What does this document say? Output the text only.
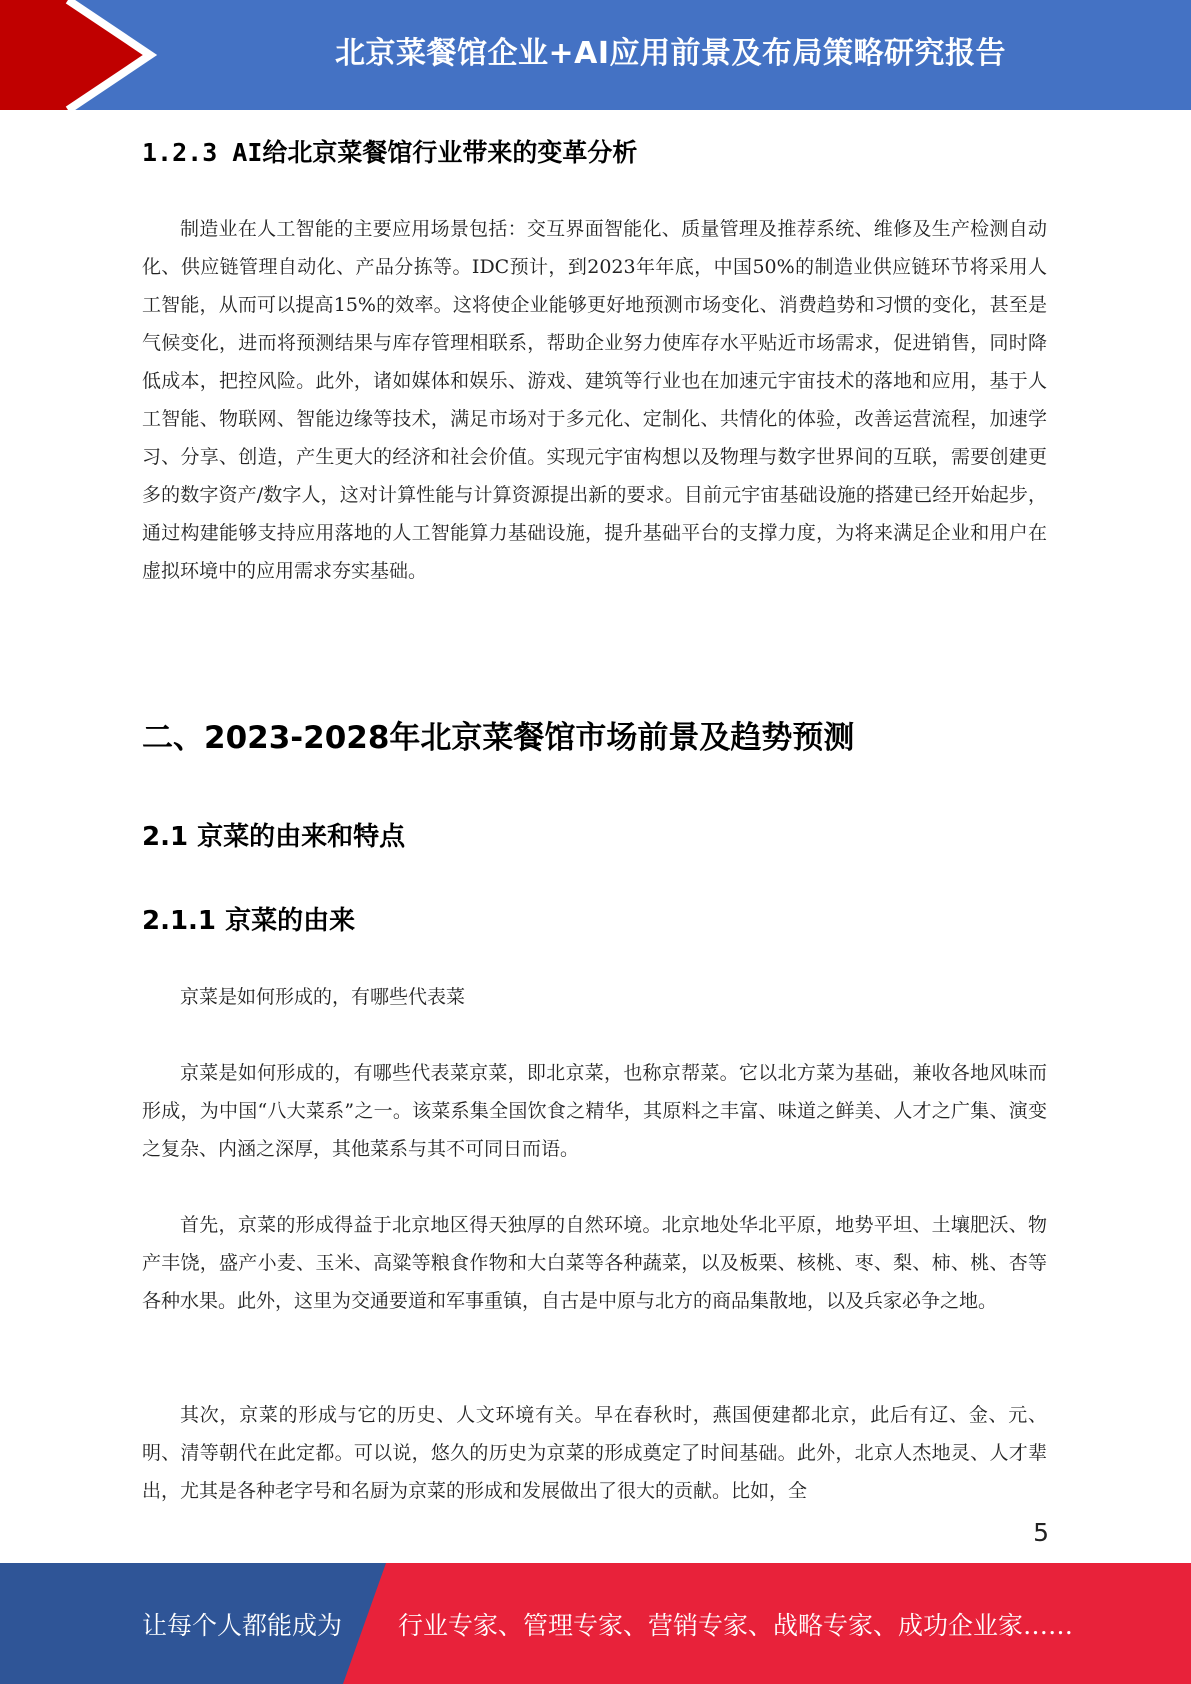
北京菜餐馆企业+AI应用前景及布局策略研究报告
1.2.3 AI给北京菜餐馆行业带来的变革分析

制造业在人工智能的主要应用场景包括：交互界面智能化、质量管理及推荐系统、维修及生产检测自动化、供应链管理自动化、产品分拣等。IDC预计，到2023年年底，中国50%的制造业供应链环节将采用人工智能，从而可以提高15%的效率。这将使企业能够更好地预测市场变化、消费趋势和习惯的变化，甚至是气候变化，进而将预测结果与库存管理相联系，帮助企业努力使库存水平贴近市场需求，促进销售，同时降低成本，把控风险。此外，诸如媒体和娱乐、游戏、建筑等行业也在加速元宇宙技术的落地和应用，基于人工智能、物联网、智能边缘等技术，满足市场对于多元化、定制化、共情化的体验，改善运营流程，加速学习、分享、创造，产生更大的经济和社会价值。实现元宇宙构想以及物理与数字世界间的互联，需要创建更多的数字资产/数字人，这对计算性能与计算资源提出新的要求。目前元宇宙基础设施的搭建已经开始起步，通过构建能够支持应用落地的人工智能算力基础设施，提升基础平台的支撑力度，为将来满足企业和用户在虚拟环境中的应用需求夯实基础。

二、2023-2028年北京菜餐馆市场前景及趋势预测
2.1 京菜的由来和特点
2.1.1 京菜的由来

京菜是如何形成的，有哪些代表菜

京菜是如何形成的，有哪些代表菜京菜，即北京菜，也称京帮菜。它以北方菜为基础，兼收各地风味而形成，为中国“八大菜系”之一。该菜系集全国饮食之精华，其原料之丰富、味道之鲜美、人才之广集、演变之复杂、内涵之深厚，其他菜系与其不可同日而语。

首先，京菜的形成得益于北京地区得天独厚的自然环境。北京地处华北平原，地势平坦、土壤肥沃、物产丰饶，盛产小麦、玉米、高粱等粮食作物和大白菜等各种蔬菜，以及板栗、核桃、枣、梨、柿、桃、杏等各种水果。此外，这里为交通要道和军事重镇，自古是中原与北方的商品集散地，以及兵家必争之地。

其次，京菜的形成与它的历史、人文环境有关。早在春秋时，燕国便建都北京，此后有辽、金、元、明、清等朝代在此定都。可以说，悠久的历史为京菜的形成奠定了时间基础。此外，北京人杰地灵、人才辈出，尤其是各种老字号和名厨为京菜的形成和发展做出了很大的贡献。比如，全

5
让每个人都能成为 行业专家、管理专家、营销专家、战略专家、成功企业家……
